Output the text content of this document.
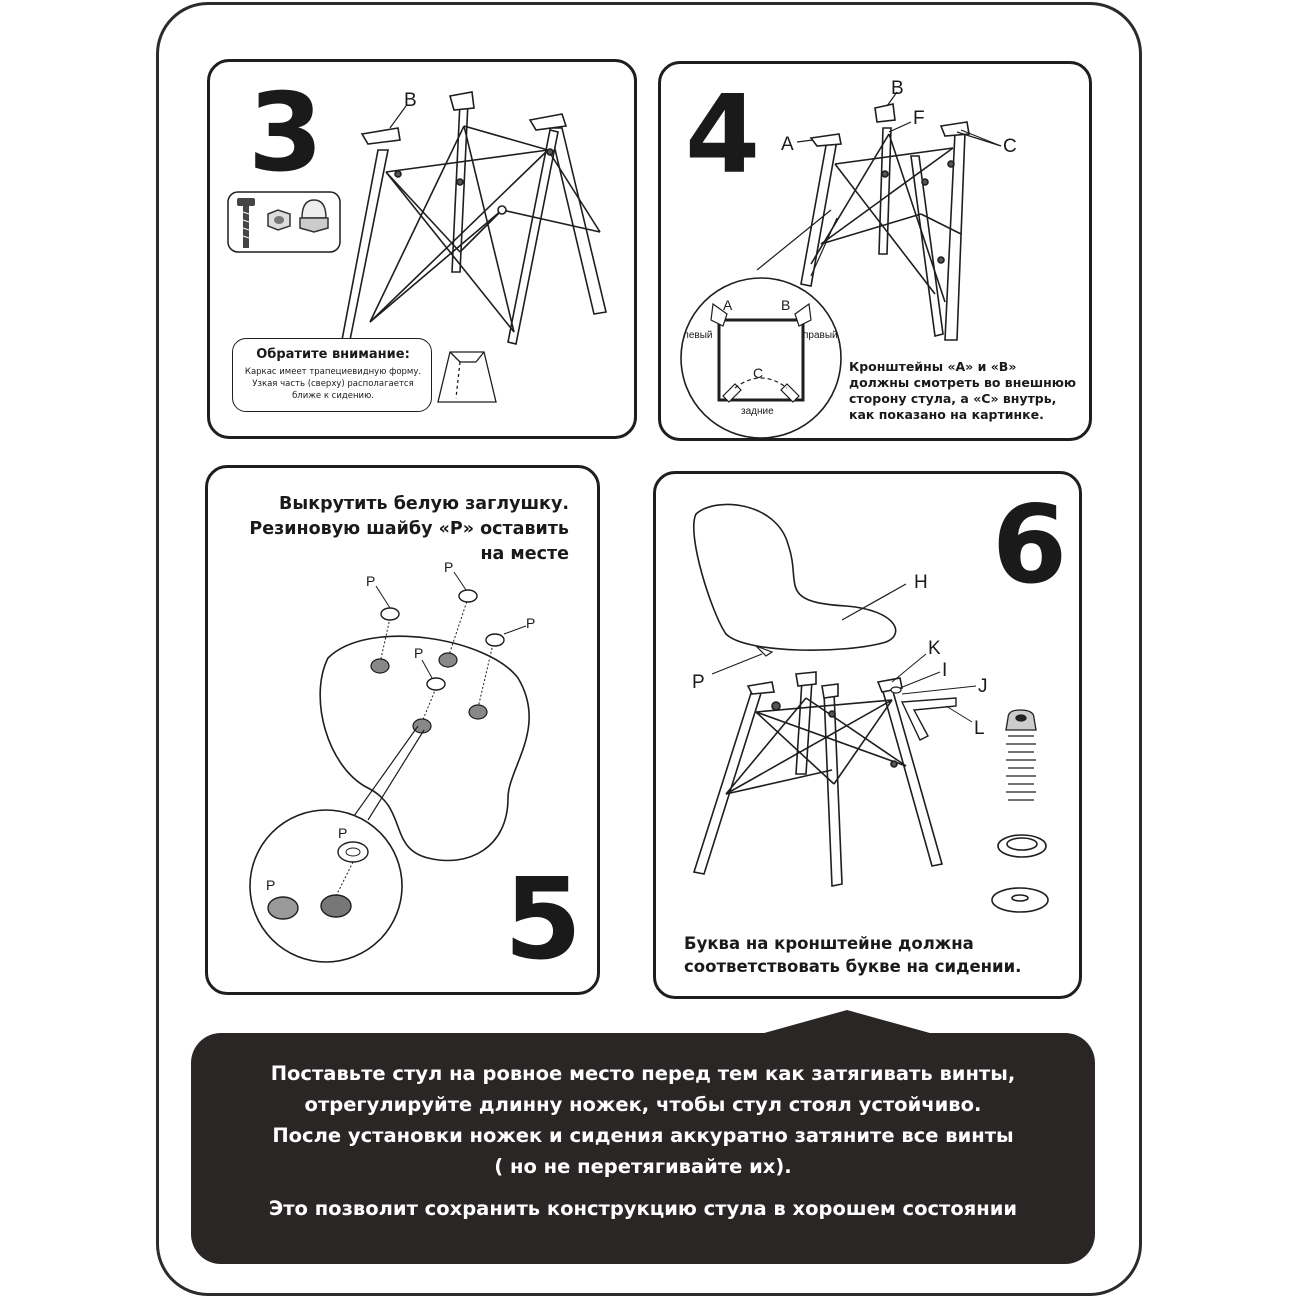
3	B
Обратите внимание:
Каркас имеет трапециевидную форму.
Узкая часть (сверху) располагается
ближе к сидению.
4 A
B
F
C
A	B
C
левый	правый
задние
Кронштейны «А» и «В»
должны смотреть во внешнюю
сторону стула, а «С» внутрь,
как показано на картинке.
Выкрутить белую заглушку.
Резиновую шайбу «Р» оставить
на месте
P
P
P
P
P
P 5
6
H
P
K
I
J
L
Буква на кронштейне должна
соответствовать букве на сидении.
Поставьте стул на ровное место перед тем как затягивать винты,
отрегулируйте длинну ножек, чтобы стул стоял устойчиво.
После установки ножек и сидения аккуратно затяните все винты
( но не перетягивайте их).
Это позволит сохранить конструкцию стула в хорошем состоянии
